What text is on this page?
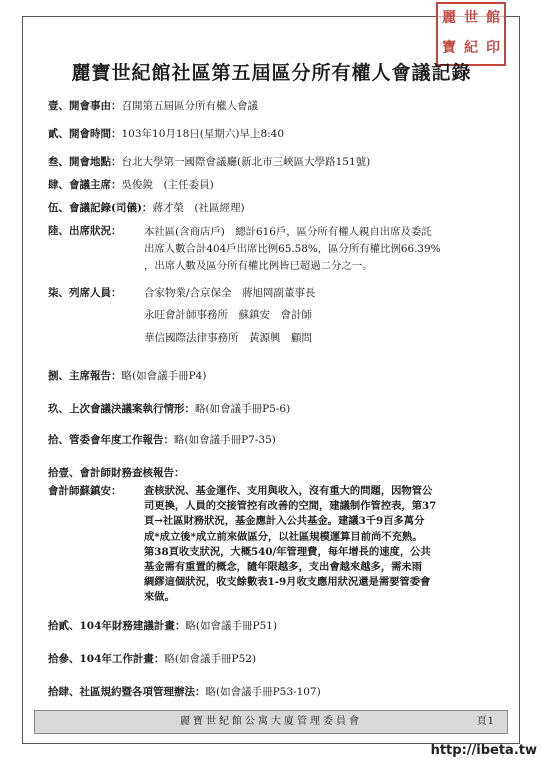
麗 世 館
寶 紀 印
麗寶世紀館社區第五屆區分所有權人會議記錄
壹、開會事由：召開第五屆區分所有權人會議
貳、開會時間：103年10月18日(星期六)早上8:40
叁、開會地點：台北大學第一國際會議廳(新北市三峽區大學路151號)
肆、會議主席：吳俊銳　(主任委員)
伍、會議記錄(司儀)：蔣才榮　(社區經理)
陸、出席狀況： 本社區(含商店戶)　總計616戶，區分所有權人親自出席及委託
出席人數合計404戶出席比例65.58%，區分所有權比例66.39%
，出席人數及區分所有權比例皆已超過二分之一。
柒、列席人員： 合家物業/合京保全　蔣旭岡副董事長
永旺會計師事務所　蘇鎮安　會計師
華信國際法律事務所　黃源興　顧問
捌、主席報告：略(如會議手冊P4)
玖、上次會議決議案執行情形：略(如會議手冊P5-6)
拾、管委會年度工作報告：略(如會議手冊P7-35)
拾壹、會計師財務查核報告：
會計師蘇鎮安： 查核狀況、基金運作、支用與收入，沒有重大的問題，因物管公
司更換，人員的交接管控有改善的空間，建議制作管控表，第37
頁→社區財務狀況，基金應計入公共基金。建議3千9百多萬分
成*成立後*成立前來做區分，以社區規模運算目前尚不充熟。
第38頁收支狀況，大概540/年管理費，每年增長的速度，公共
基金需有重置的概念，隨年限越多，支出會越來越多，需未雨
綢繆這個狀況，收支餘數表1-9月收支應用狀況還是需要管委會
來做。
拾貳、104年財務建議計畫：略(如會議手冊P51)
拾參、104年工作計畫：略(如會議手冊P52)
拾肆、社區規約暨各項管理辦法：略(如會議手冊P53-107)
麗寶世紀館公寓大廈管理委員會	頁1
http://ibeta.tw
